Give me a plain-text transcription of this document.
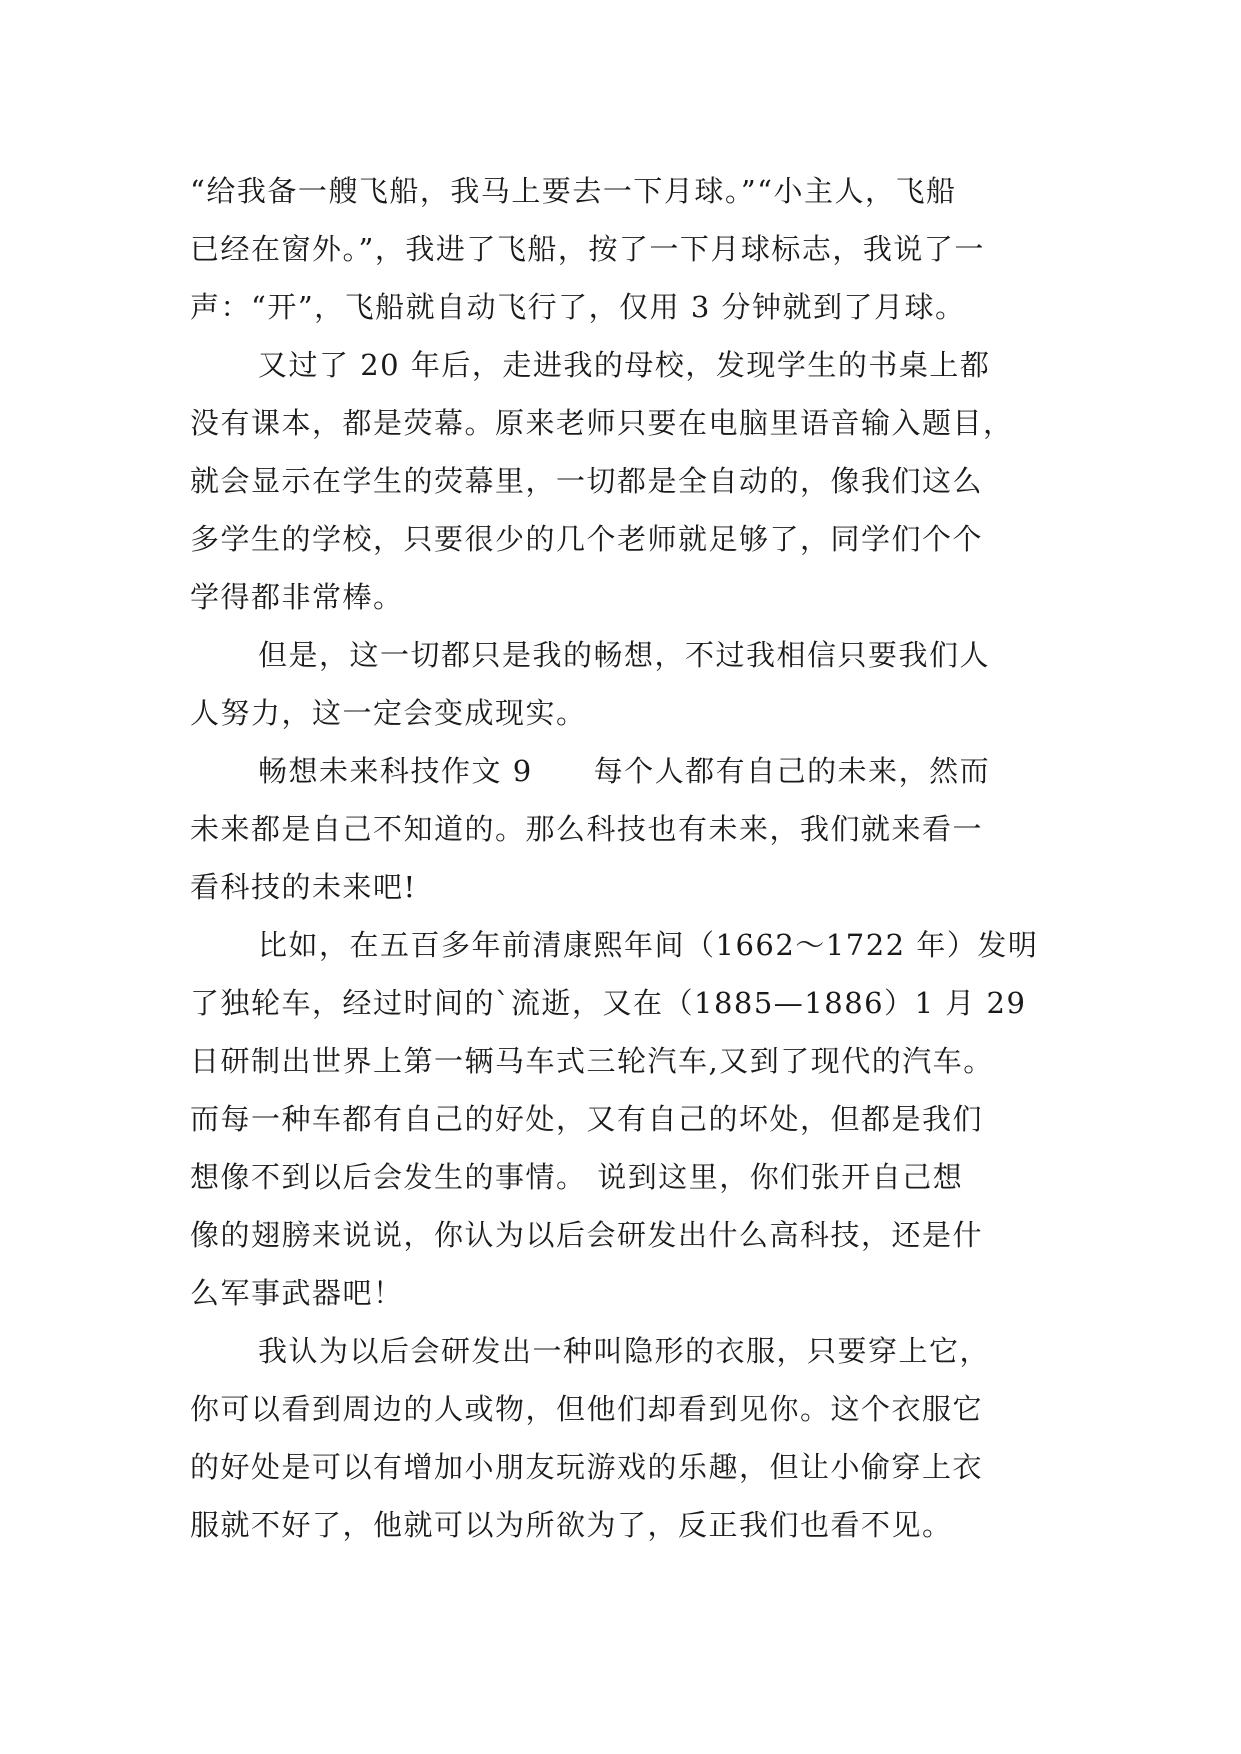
“给我备一艘飞船，我马上要去一下月球。”“小主人，飞船
已经在窗外。”，我进了飞船，按了一下月球标志，我说了一
声：“开”，飞船就自动飞行了，仅用 3 分钟就到了月球。
又过了 20 年后，走进我的母校，发现学生的书桌上都
没有课本，都是荧幕。原来老师只要在电脑里语音输入题目，
就会显示在学生的荧幕里，一切都是全自动的，像我们这么
多学生的学校，只要很少的几个老师就足够了，同学们个个
学得都非常棒。
但是，这一切都只是我的畅想，不过我相信只要我们人
人努力，这一定会变成现实。
畅想未来科技作文 9　　每个人都有自己的未来，然而
未来都是自己不知道的。那么科技也有未来，我们就来看一
看科技的未来吧!
比如，在五百多年前清康熙年间（1662～1722 年）发明
了独轮车，经过时间的`流逝，又在（1885—1886）1 月 29
日研制出世界上第一辆马车式三轮汽车,又到了现代的汽车。
而每一种车都有自己的好处，又有自己的坏处，但都是我们
想像不到以后会发生的事情。 说到这里，你们张开自己想
像的翅膀来说说，你认为以后会研发出什么高科技，还是什
么军事武器吧！
我认为以后会研发出一种叫隐形的衣服，只要穿上它，
你可以看到周边的人或物，但他们却看到见你。这个衣服它
的好处是可以有增加小朋友玩游戏的乐趣，但让小偷穿上衣
服就不好了，他就可以为所欲为了，反正我们也看不见。
